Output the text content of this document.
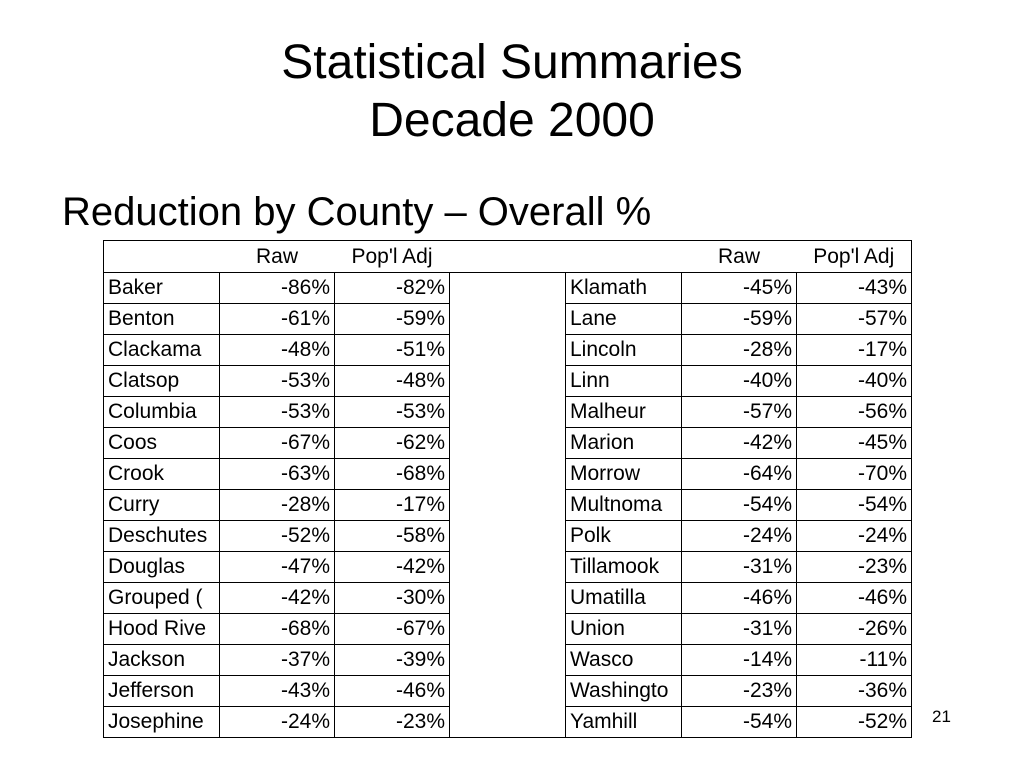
Statistical Summaries
Decade 2000
Reduction by County – Overall %
	Raw	Pop'l Adj			Raw	Pop'l Adj
Baker	-86%	-82%		Klamath	-45%	-43%
Benton	-61%	-59%		Lane	-59%	-57%
Clackama	-48%	-51%		Lincoln	-28%	-17%
Clatsop	-53%	-48%		Linn	-40%	-40%
Columbia	-53%	-53%		Malheur	-57%	-56%
Coos	-67%	-62%		Marion	-42%	-45%
Crook	-63%	-68%		Morrow	-64%	-70%
Curry	-28%	-17%		Multnoma	-54%	-54%
Deschutes	-52%	-58%		Polk	-24%	-24%
Douglas	-47%	-42%		Tillamook	-31%	-23%
Grouped (	-42%	-30%		Umatilla	-46%	-46%
Hood Rive	-68%	-67%		Union	-31%	-26%
Jackson	-37%	-39%		Wasco	-14%	-11%
Jefferson	-43%	-46%		Washingto	-23%	-36%
Josephine	-24%	-23%		Yamhill	-54%	-52% 21
